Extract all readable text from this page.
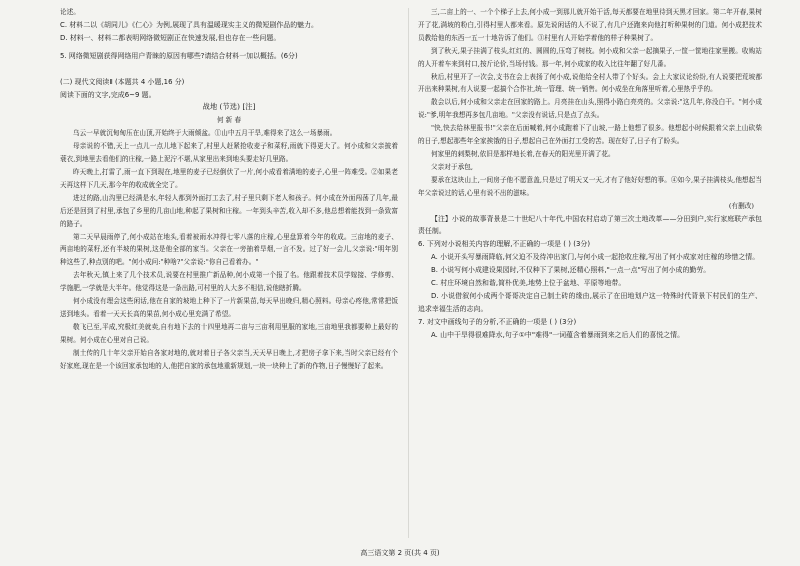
论述。

C. 材料二以《胡同儿》《仁心》为例,展现了具有温暖现实主义的微短剧作品的魅力。

D. 材料一、材料二都表明网络微短剧正在快速发展,但也存在一些问题。

5. 网络微短剧获得网络用户青睐的原因有哪些?请结合材料一加以概括。(6分)

(二) 现代文阅读Ⅱ (本题共 4 小题,16 分)

阅读下面的文字,完成6~9 题。

战地 (节选) [注]

何 新 春

乌云一早就沉甸甸压在山顶,开始终于大雨倾盆。①山中五月干旱,难得来了这么一场暴雨。

母亲说的不错,天上一点儿一点儿地下起来了,村里人赶紧抢收麦子和菜籽,雨就下得更大了。何小成和父亲披着蓑衣,到地里去看他们的庄稼,一路上泥泞不堪,从家里出来到地头要走好几里路。

昨天晚上,打雷了,雨一直下到现在,地里的麦子已经倒伏了一片,何小成看着满地的麦子,心里一阵难受。②如果老天再这样下几天,那今年的收成就全完了。

进过的路,山沟里已经满是水,年轻人都到外面打工去了,村子里只剩下老人和孩子。何小成在外面闯荡了几年,最后还是回到了村里,承包了乡里的几亩山地,种起了果树和庄稼。一年到头辛苦,收入却不多,他总想着能找到一条致富的路子。

第二天早晨雨停了,何小成站在地头,看着被雨水冲得七零八落的庄稼,心里盘算着今年的收成。三亩地的麦子、两亩地的菜籽,还有半坡的果树,这是他全部的家当。父亲在一旁抽着旱烟,一言不发。过了好一会儿,父亲说:"明年别种这些了,种点别的吧。"何小成问:"种啥?"父亲说:"你自己看着办。"

去年秋天,镇上来了几个技术员,说要在村里推广新品种,何小成第一个报了名。他跟着技术员学嫁接、学修剪、学施肥,一学就是大半年。他觉得这是一条出路,可村里的人大多不相信,说他瞎折腾。

何小成没有理会这些闲话,他在自家的坡地上种下了一片新果苗,每天早出晚归,精心照料。母亲心疼他,常常把饭送到地头。看着一天天长高的果苗,何小成心里充满了希望。

敬飞已至,平成,究极红美就卖,自有地下去的十四里地再二亩与三亩利用里服的家地,三亩地里我都要种上最好的果树。何小成在心里对自己说。

制土传的几十年父亲开始自各家对地的,就对着日子各父亲当,天天早日晚上,才把房子拿下来,当时父亲已经有个好家庭,现在是一个该回家承包地的人,他把自家的承包地重新规划,一块一块种上了新的作物,日子慢慢好了起来。

三,二亩上的一、一个个梯子上去,何小成一到那儿就开始干活,每天都要在地里待到天黑才回家。第二年开春,果树开了花,满坡的粉白,引得村里人都来看。原先说闲话的人不说了,有几户还跑来向他打听种果树的门道。何小成把技术员教给他的东西一五一十地告诉了他们。③村里有人开始学着他的样子种果树了。

到了秋天,果子挂满了枝头,红红的、圆圆的,压弯了树枝。何小成和父亲一起摘果子,一筐一筐地往家里搬。收购站的人开着车来到村口,按斤论价,当场付钱。那一年,何小成家的收入比往年翻了好几番。

秋后,村里开了一次会,支书在会上表扬了何小成,说他给全村人带了个好头。会上大家议论纷纷,有人说要把荒坡都开出来种果树,有人说要一起搞个合作社,统一管理、统一销售。何小成坐在角落里听着,心里热乎乎的。

散会以后,何小成和父亲走在回家的路上。月亮挂在山头,照得小路白亮亮的。父亲说:"这几年,你没白干。"何小成说:"爹,明年我想再多包几亩地。"父亲没有说话,只是点了点头。

"快,快去给林里报书!"父亲在后面喊着,何小成跑着下了山坡,一路上他想了很多。他想起小时候跟着父亲上山砍柴的日子,想起那些年全家挨饿的日子,想起自己在外面打工受的苦。现在好了,日子有了盼头。

何家里的刺梨树,依旧是那样地长着,在春天的阳光里开满了花。

父亲对于承包,

要承在这块山上,一间房子他不愿意盖,只是过了明天又一天,才有了他好好想的事。④如今,果子挂满枝头,他想起当年父亲说过的话,心里有说不出的滋味。

(有删改)

【注】小说的故事背景是二十世纪八十年代,中国农村启动了第三次土地改革——分田到户,实行家庭联产承包责任制。

6. 下列对小说相关内容的理解,不正确的一项是 ( ) (3分)

A. 小说开头写暴雨降临,何父迫不及待冲出家门,与何小成一起抢收庄稼,写出了何小成家对庄稼的珍惜之情。

B. 小说写何小成建设果园时,不仅种下了果树,还精心照料,"一点一点"写出了何小成的勤劳。

C. 村庄环境自然和谐,简朴优美,地势上位于盆地、平原等地带。

D. 小说借叙何小成两个哥哥决定自己制土砖的缘由,展示了在田地划户这一特殊时代背景下村民们的生产、追求幸福生活的志向。

7. 对文中画线句子的分析,不正确的一项是 ( ) (3分)

A. 山中干旱得很难降水,句子①中"难得"一词蕴含着暴雨到来之后人们的喜悦之情。

高三语文第 2 页(共 4 页)
